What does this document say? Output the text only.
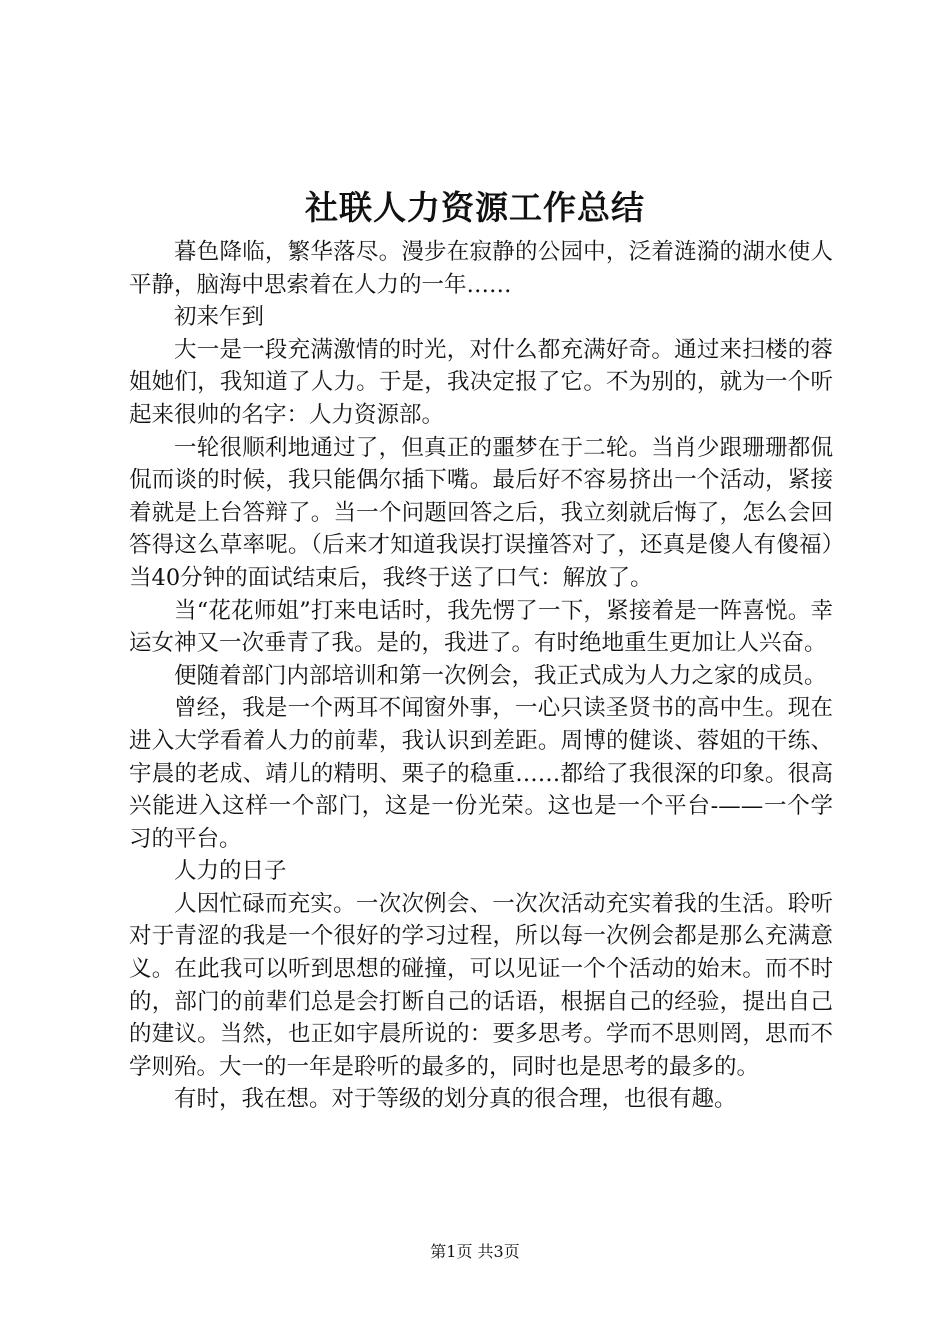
社联人力资源工作总结

暮色降临，繁华落尽。漫步在寂静的公园中，泛着涟漪的湖水使人平静，脑海中思索着在人力的一年……

初来乍到

大一是一段充满激情的时光，对什么都充满好奇。通过来扫楼的蓉姐她们，我知道了人力。于是，我决定报了它。不为别的，就为一个听起来很帅的名字：人力资源部。

一轮很顺利地通过了，但真正的噩梦在于二轮。当肖少跟珊珊都侃侃而谈的时候，我只能偶尔插下嘴。最后好不容易挤出一个活动，紧接着就是上台答辩了。当一个问题回答之后，我立刻就后悔了，怎么会回答得这么草率呢。（后来才知道我误打误撞答对了，还真是傻人有傻福）当40分钟的面试结束后，我终于送了口气：解放了。

当“花花师姐”打来电话时，我先愣了一下，紧接着是一阵喜悦。幸运女神又一次垂青了我。是的，我进了。有时绝地重生更加让人兴奋。

便随着部门内部培训和第一次例会，我正式成为人力之家的成员。

曾经，我是一个两耳不闻窗外事，一心只读圣贤书的高中生。现在进入大学看着人力的前辈，我认识到差距。周博的健谈、蓉姐的干练、宇晨的老成、靖儿的精明、栗子的稳重……都给了我很深的印象。很高兴能进入这样一个部门，这是一份光荣。这也是一个平台-——一个学习的平台。

人力的日子

人因忙碌而充实。一次次例会、一次次活动充实着我的生活。聆听对于青涩的我是一个很好的学习过程，所以每一次例会都是那么充满意义。在此我可以听到思想的碰撞，可以见证一个个活动的始末。而不时的，部门的前辈们总是会打断自己的话语，根据自己的经验，提出自己的建议。当然，也正如宇晨所说的：要多思考。学而不思则罔，思而不学则殆。大一的一年是聆听的最多的，同时也是思考的最多的。

有时，我在想。对于等级的划分真的很合理，也很有趣。

第1页 共3页
